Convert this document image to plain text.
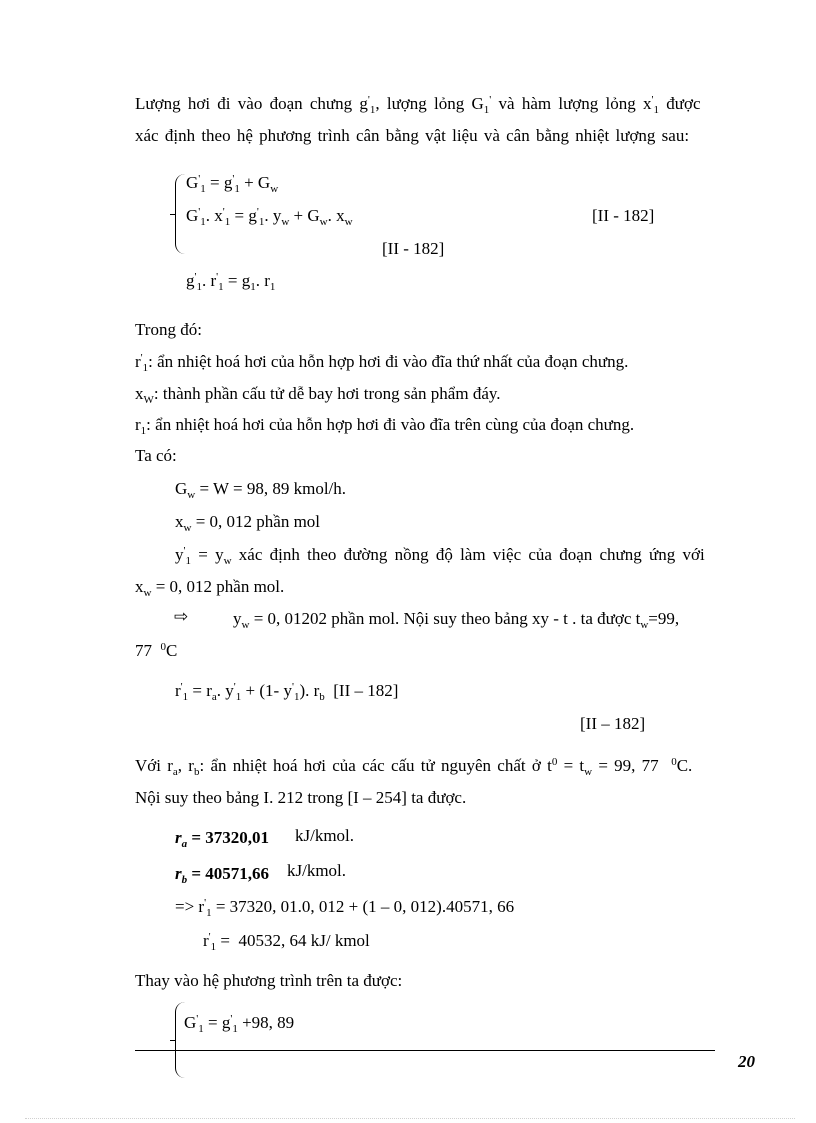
Lượng hơi đi vào đoạn chưng $g'_1$, lượng lỏng $G_1'$ và hàm lượng lỏng $x'_1$ được
xác định theo hệ phương trình cân bằng vật liệu và cân bằng nhiệt lượng sau:
$G'_1 = g'_1 + G_w$
$G'_1$. $x'_1 = g'_1$. $y_w + G_w$. $x_w$	[II - 182]
[II - 182]
$g'_1$. $r'_1 = g_1$. $r_1$
Trong đó:
$r'_1$: ẩn nhiệt hoá hơi của hỗn hợp hơi đi vào đĩa thứ nhất của đoạn chưng.
$x_W$: thành phần cấu tử dễ bay hơi trong sản phẩm đáy.
$r_1$: ẩn nhiệt hoá hơi của hỗn hợp hơi đi vào đĩa trên cùng của đoạn chưng.
Ta có:
$G_w = W = 98$, 89 kmol/h.
$x_w = 0$, 012 phần mol
$y'_1 = y_w$ xác định theo đường nồng độ làm việc của đoạn chưng ứng với
$x_w = 0$, 012 phần mol.
⇨	$y_w = 0$, 01202 phần mol. Nội suy theo bảng xy - t . ta được $t_w=99$,
77  $^0$C
$r'_1 = r_a$. $y'_1 + (1-$ $y'_1$). $r_b$  [II – 182]
[II – 182]
Với $r_a$, $r_b$: ẩn nhiệt hoá hơi của các cấu tử nguyên chất ở $t^0 = t_w = 99$, 77  $^0$C.
Nội suy theo bảng I. 212 trong [I – 254] ta được.
$r_a = 37320,01$ kJ/kmol.
$r_b = 40571,66$ kJ/kmol.
=> $r'_1 = 37320$, 01.0, 012 + (1 – 0, 012).40571, 66
$r'_1 = 40532$, 64 kJ/ kmol
Thay vào hệ phương trình trên ta được:
$G'_1 = g'_1 +98$, 89
20
